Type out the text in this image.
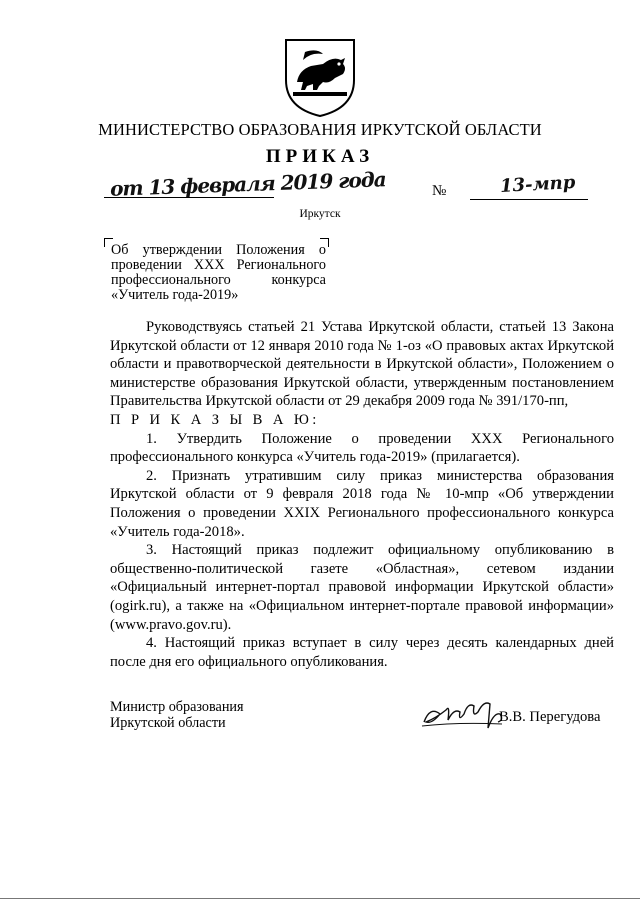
МИНИСТЕРСТВО ОБРАЗОВАНИЯ ИРКУТСКОЙ ОБЛАСТИ
ПРИКАЗ
от 13 февраля 2019 года	№	13-мпр
Иркутск
Об утверждении Положения о проведении XXX Регионального профессионального конкурса «Учитель года-2019»

Руководствуясь статьей 21 Устава Иркутской области, статьей 13 Закона Иркутской области от 12 января 2010 года № 1-оз «О правовых актах Иркутской области и правотворческой деятельности в Иркутской области», Положением о министерстве образования Иркутской области, утвержденным постановлением Правительства Иркутской области от 29 декабря 2009 года № 391/170-пп,

П Р И К А З Ы В А Ю:

1. Утвердить Положение о проведении XXX Регионального профессионального конкурса «Учитель года-2019» (прилагается).

2. Признать утратившим силу приказ министерства образования Иркутской области от 9 февраля 2018 года № 10-мпр «Об утверждении Положения о проведении XXIX Регионального профессионального конкурса «Учитель года-2018».

3. Настоящий приказ подлежит официальному опубликованию в общественно-политической газете «Областная», сетевом издании «Официальный интернет-портал правовой информации Иркутской области» (ogirk.ru), а также на «Официальном интернет-портале правовой информации» (www.pravo.gov.ru).

4. Настоящий приказ вступает в силу через десять календарных дней после дня его официального опубликования.

Министр образования
Иркутской области	В.В. Перегудова
